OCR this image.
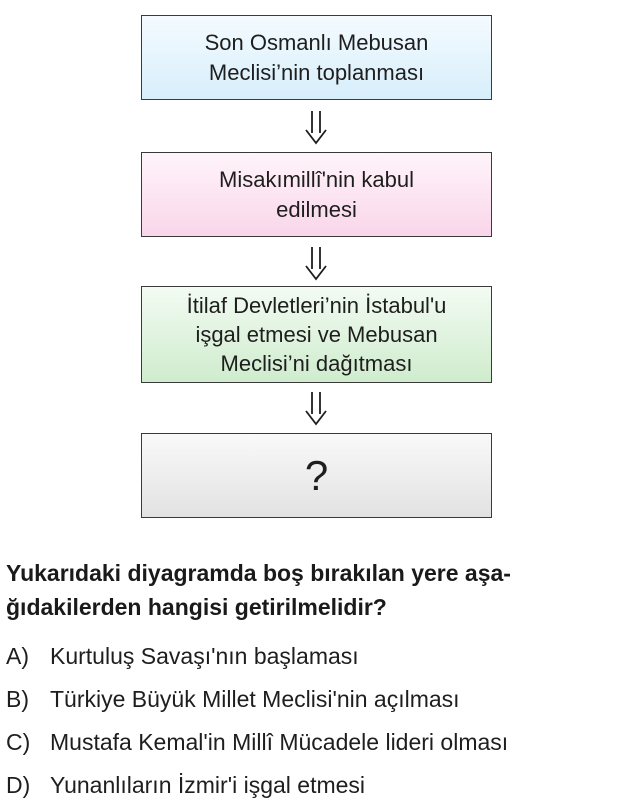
Son Osmanlı Mebusan
Meclisi’nin toplanması
Misakımillî'nin kabul
edilmesi
İtilaf Devletleri’nin İstabul'u
işgal etmesi ve Mebusan
Meclisi’ni dağıtması
?
Yukarıdaki diyagramda boş bırakılan yere aşa-
ğıdakilerden hangisi getirilmelidir?
A) Kurtuluş Savaşı'nın başlaması
B) Türkiye Büyük Millet Meclisi'nin açılması
C) Mustafa Kemal'in Millî Mücadele lideri olması
D) Yunanlıların İzmir'i işgal etmesi
